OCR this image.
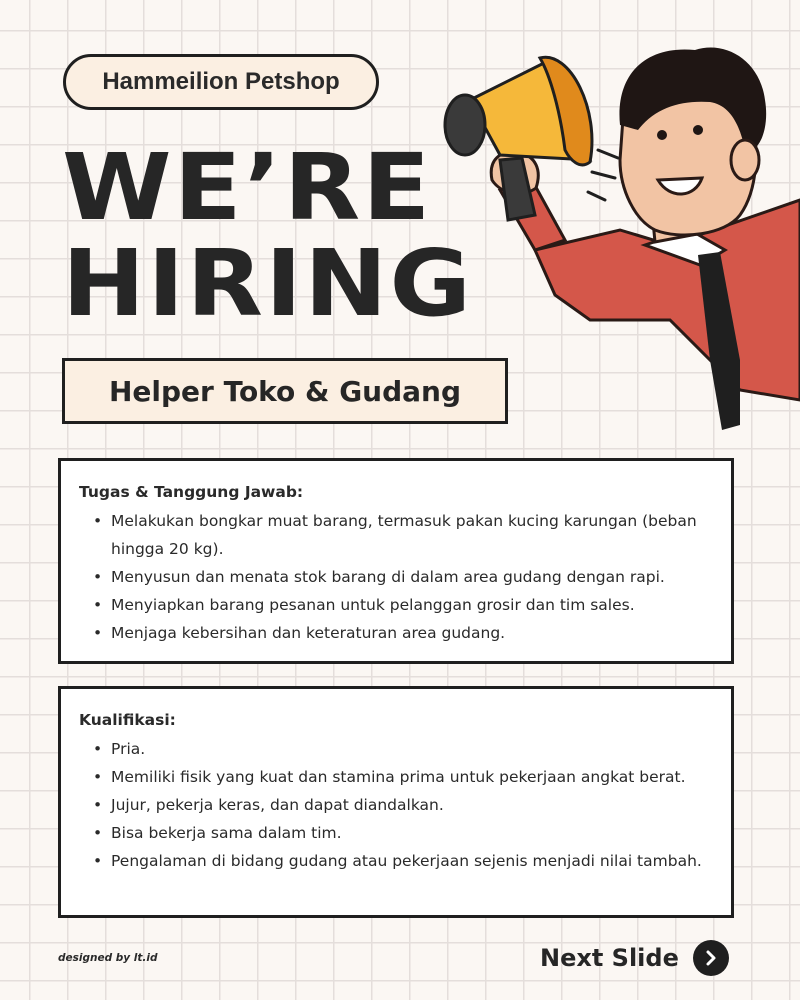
Hammeilion Petshop
WE’RE
HIRING
Helper Toko & Gudang
Tugas & Tanggung Jawab:
• Melakukan bongkar muat barang, termasuk pakan kucing karungan (beban hingga 20 kg).
• Menyusun dan menata stok barang di dalam area gudang dengan rapi.
• Menyiapkan barang pesanan untuk pelanggan grosir dan tim sales.
• Menjaga kebersihan dan keteraturan area gudang.
Kualifikasi:
• Pria.
• Memiliki fisik yang kuat dan stamina prima untuk pekerjaan angkat berat.
• Jujur, pekerja keras, dan dapat diandalkan.
• Bisa bekerja sama dalam tim.
• Pengalaman di bidang gudang atau pekerjaan sejenis menjadi nilai tambah.
designed by lt.id	Next Slide
